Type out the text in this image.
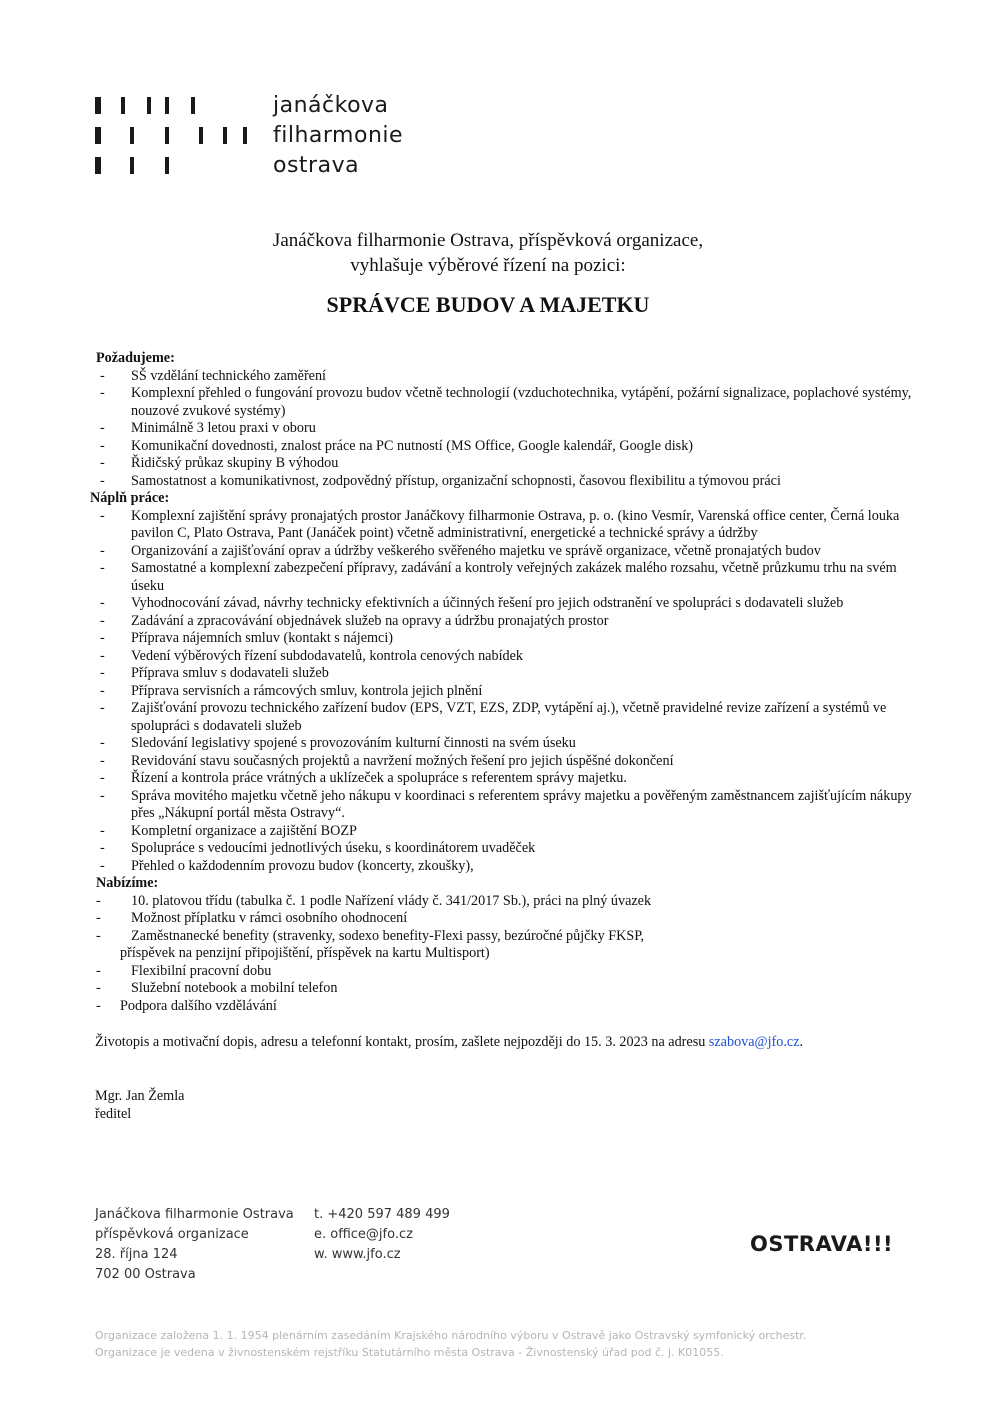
janáčkova
filharmonie
ostrava
Janáčkova filharmonie Ostrava, příspěvková organizace,
vyhlašuje výběrové řízení na pozici:
SPRÁVCE BUDOV A MAJETKU
Požadujeme:
- SŠ vzdělání technického zaměření
- Komplexní přehled o fungování provozu budov včetně technologií (vzduchotechnika, vytápění, požární signalizace, poplachové systémy, nouzové zvukové systémy)
- Minimálně 3 letou praxi v oboru
- Komunikační dovednosti, znalost práce na PC nutností (MS Office, Google kalendář, Google disk)
- Řidičský průkaz skupiny B výhodou
- Samostatnost a komunikativnost, zodpovědný přístup, organizační schopnosti, časovou flexibilitu a týmovou práci
Náplň práce:
- Komplexní zajištění správy pronajatých prostor Janáčkovy filharmonie Ostrava, p. o. (kino Vesmír, Varenská office center, Černá louka pavilon C, Plato Ostrava, Pant (Janáček point) včetně administrativní, energetické a technické správy a údržby
- Organizování a zajišťování oprav a údržby veškerého svěřeného majetku ve správě organizace, včetně pronajatých budov
- Samostatné a komplexní zabezpečení přípravy, zadávání a kontroly veřejných zakázek malého rozsahu, včetně průzkumu trhu na svém úseku
- Vyhodnocování závad, návrhy technicky efektivních a účinných řešení pro jejich odstranění ve spolupráci s dodavateli služeb
- Zadávání a zpracovávání objednávek služeb na opravy a údržbu pronajatých prostor
- Příprava nájemních smluv (kontakt s nájemci)
- Vedení výběrových řízení subdodavatelů, kontrola cenových nabídek
- Příprava smluv s dodavateli služeb
- Příprava servisních a rámcových smluv, kontrola jejich plnění
- Zajišťování provozu technického zařízení budov (EPS, VZT, EZS, ZDP, vytápění aj.), včetně pravidelné revize zařízení a systémů ve spolupráci s dodavateli služeb
- Sledování legislativy spojené s provozováním kulturní činnosti na svém úseku
- Revidování stavu současných projektů a navržení možných řešení pro jejich úspěšné dokončení
- Řízení a kontrola práce vrátných a uklízeček a spolupráce s referentem správy majetku.
- Správa movitého majetku včetně jeho nákupu v koordinaci s referentem správy majetku a pověřeným zaměstnancem zajišťujícím nákupy přes „Nákupní portál města Ostravy“.
- Kompletní organizace a zajištění BOZP
- Spolupráce s vedoucími jednotlivých úseku, s koordinátorem uvaděček
- Přehled o každodenním provozu budov (koncerty, zkoušky),
Nabízíme:
- 10. platovou třídu (tabulka č. 1 podle Nařízení vlády č. 341/2017 Sb.), práci na plný úvazek
- Možnost příplatku v rámci osobního ohodnocení
- Zaměstnanecké benefity (stravenky, sodexo benefity-Flexi passy, bezúročné půjčky FKSP,
příspěvek na penzijní připojištění, příspěvek na kartu Multisport)
- Flexibilní pracovní dobu
- Služební notebook a mobilní telefon
- Podpora dalšího vzdělávání
Životopis a motivační dopis, adresu a telefonní kontakt, prosím, zašlete nejpozději do 15. 3. 2023 na adresu szabova@jfo.cz.
Mgr. Jan Žemla
ředitel
Janáčkova filharmonie Ostrava
příspěvková organizace
28. října 124
702 00 Ostrava
t. +420 597 489 499
e. office@jfo.cz
w. www.jfo.cz	OSTRAVA!!!
Organizace založena 1. 1. 1954 plenárním zasedáním Krajského národního výboru v Ostravě jako Ostravský symfonický orchestr.
Organizace je vedena v živnostenském rejstříku Statutárního města Ostrava - Živnostenský úřad pod č. j. K01055.
